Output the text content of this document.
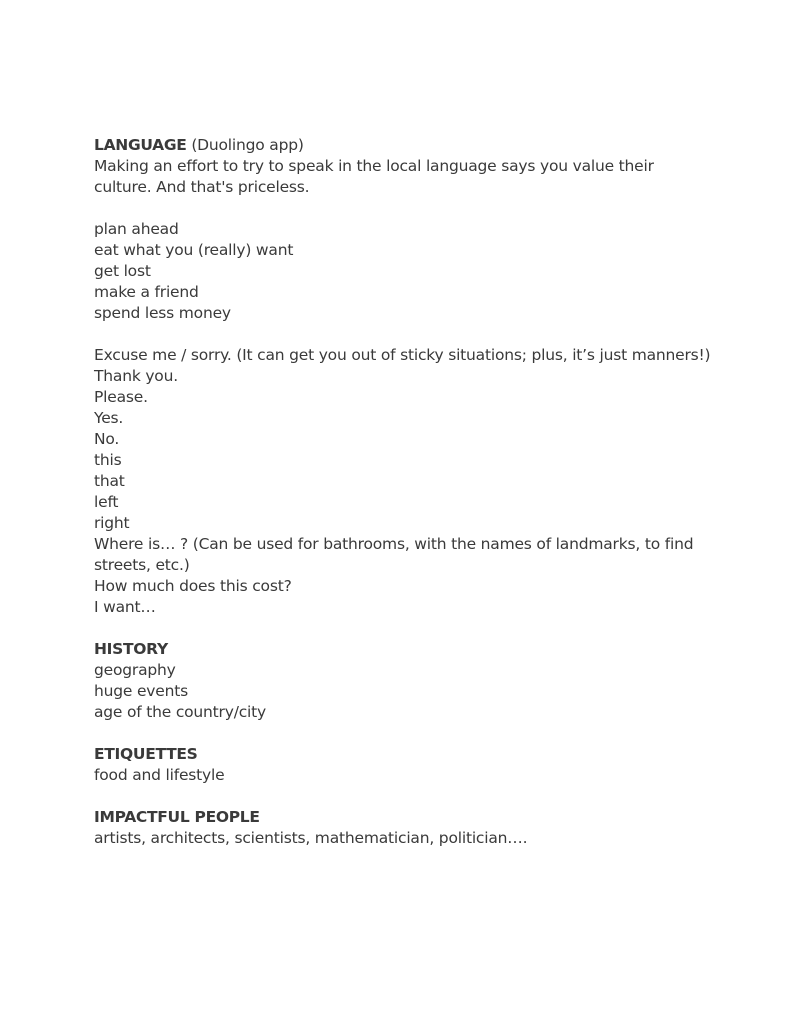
LANGUAGE (Duolingo app)
Making an effort to try to speak in the local language says you value their culture. And that's priceless.
plan ahead
eat what you (really) want
get lost
make a friend
spend less money
Excuse me / sorry. (It can get you out of sticky situations; plus, it’s just manners!)
Thank you.
Please.
Yes.
No.
this
that
left
right
Where is… ? (Can be used for bathrooms, with the names of landmarks, to find streets, etc.)
How much does this cost?
I want…
HISTORY
geography
huge events
age of the country/city
ETIQUETTES
food and lifestyle
IMPACTFUL PEOPLE
artists, architects, scientists, mathematician, politician….
